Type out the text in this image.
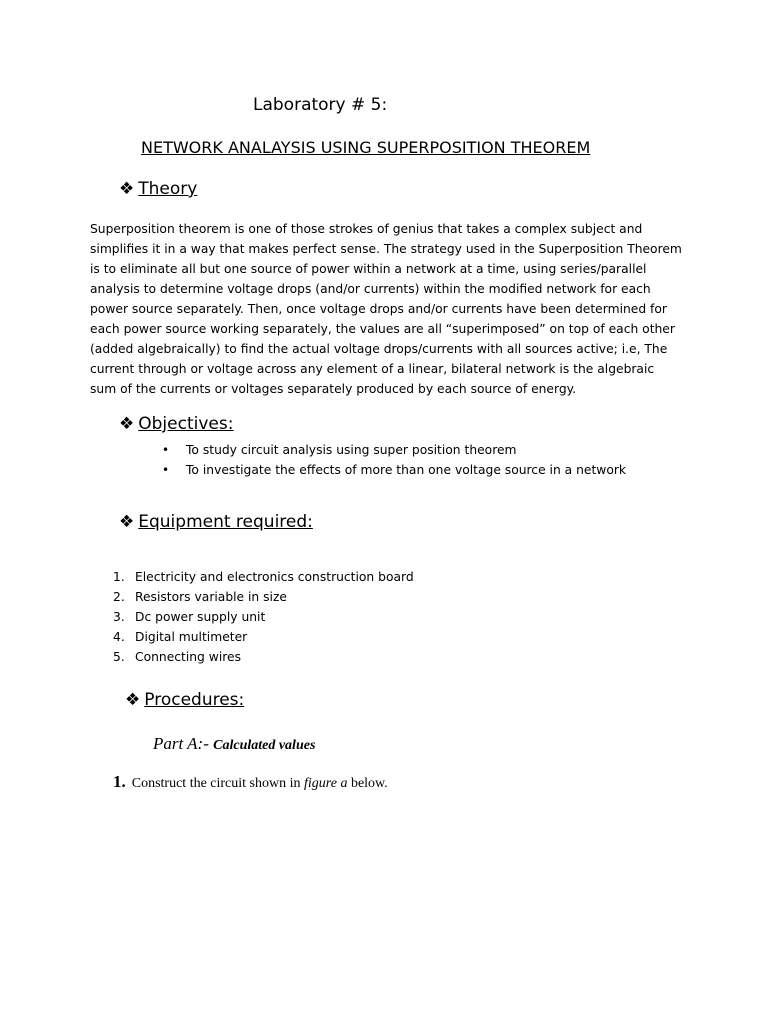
Laboratory # 5:
NETWORK ANALAYSIS USING SUPERPOSITION THEOREM
❖ Theory
Superposition theorem is one of those strokes of genius that takes a complex subject and simplifies it in a way that makes perfect sense. The strategy used in the Superposition Theorem is to eliminate all but one source of power within a network at a time, using series/parallel analysis to determine voltage drops (and/or currents) within the modified network for each power source separately. Then, once voltage drops and/or currents have been determined for each power source working separately, the values are all “superimposed” on top of each other (added algebraically) to find the actual voltage drops/currents with all sources active; i.e, The current through or voltage across any element of a linear, bilateral network is the algebraic sum of the currents or voltages separately produced by each source of energy.
❖ Objectives:
• To study circuit analysis using super position theorem
• To investigate the effects of more than one voltage source in a network
❖ Equipment required:
1. Electricity and electronics construction board
2. Resistors variable in size
3. Dc power supply unit
4. Digital multimeter
5. Connecting wires
❖ Procedures:
Part A:- Calculated values
1. Construct the circuit shown in figure a below.
